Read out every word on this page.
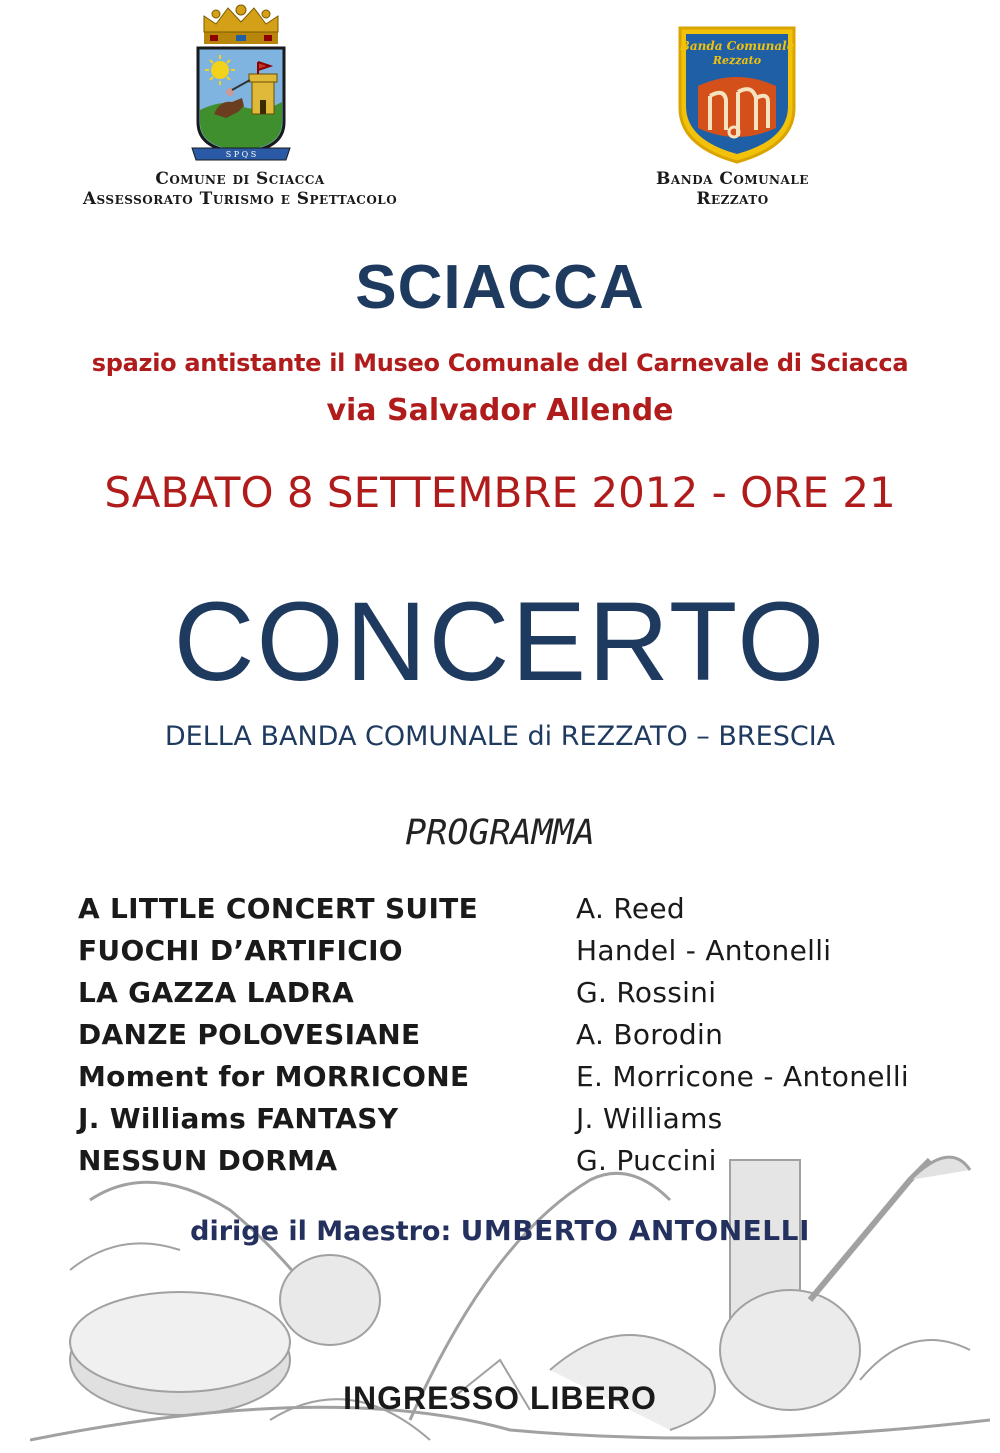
S P Q S
Banda Comunale
Rezzato
Comune di Sciacca
Assessorato Turismo e Spettacolo
Banda Comunale
Rezzato
SCIACCA
spazio antistante il Museo Comunale del Carnevale di Sciacca
via Salvador Allende
SABATO 8 SETTEMBRE 2012 - ORE 21
CONCERTO
DELLA BANDA COMUNALE di REZZATO – BRESCIA
PROGRAMMA
A LITTLE CONCERT SUITE	A. Reed
FUOCHI D’ARTIFICIO	Handel - Antonelli
LA GAZZA LADRA	G. Rossini
DANZE POLOVESIANE	A. Borodin
Moment for MORRICONE	E. Morricone - Antonelli
J. Williams FANTASY	J. Williams
NESSUN DORMA	G. Puccini
dirige il Maestro: UMBERTO ANTONELLI
INGRESSO LIBERO
